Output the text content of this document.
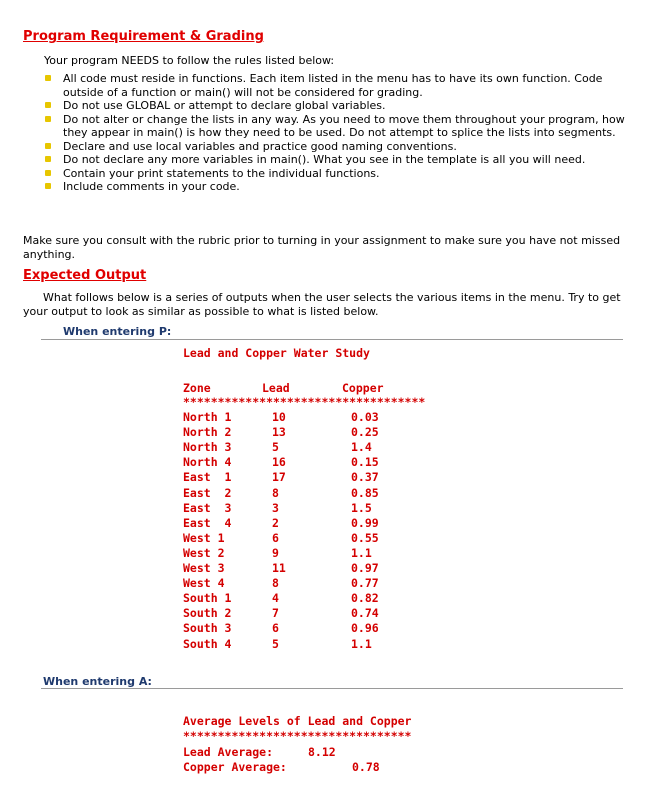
Program Requirement & Grading

Your program NEEDS to follow the rules listed below:

All code must reside in functions. Each item listed in the menu has to have its own function. Code outside of a function or main() will not be considered for grading.
Do not use GLOBAL or attempt to declare global variables.
Do not alter or change the lists in any way. As you need to move them throughout your program, how they appear in main() is how they need to be used. Do not attempt to splice the lists into segments.
Declare and use local variables and practice good naming conventions.
Do not declare any more variables in main(). What you see in the template is all you will need.
Contain your print statements to the individual functions.
Include comments in your code.

Make sure you consult with the rubric prior to turning in your assignment to make sure you have not missed anything.

Expected Output

What follows below is a series of outputs when the user selects the various items in the menu. Try to get your output to look as similar as possible to what is listed below.

When entering P:

Lead and Copper Water Study

Zone	Lead	Copper

***********************************

North 1	10	0.03
North 2	13	0.25
North 3	5	1.4
North 4	16	0.15
East  1	17	0.37
East  2	8	0.85
East  3	3	1.5
East  4	2	0.99
West 1	6	0.55
West 2	9	1.1
West 3	11	0.97
West 4	8	0.77
South 1	4	0.82
South 2	7	0.74
South 3	6	0.96
South 4	5	1.1

When entering A:

Average Levels of Lead and Copper

*********************************

Lead Average:	8.12

Copper Average:	0.78
